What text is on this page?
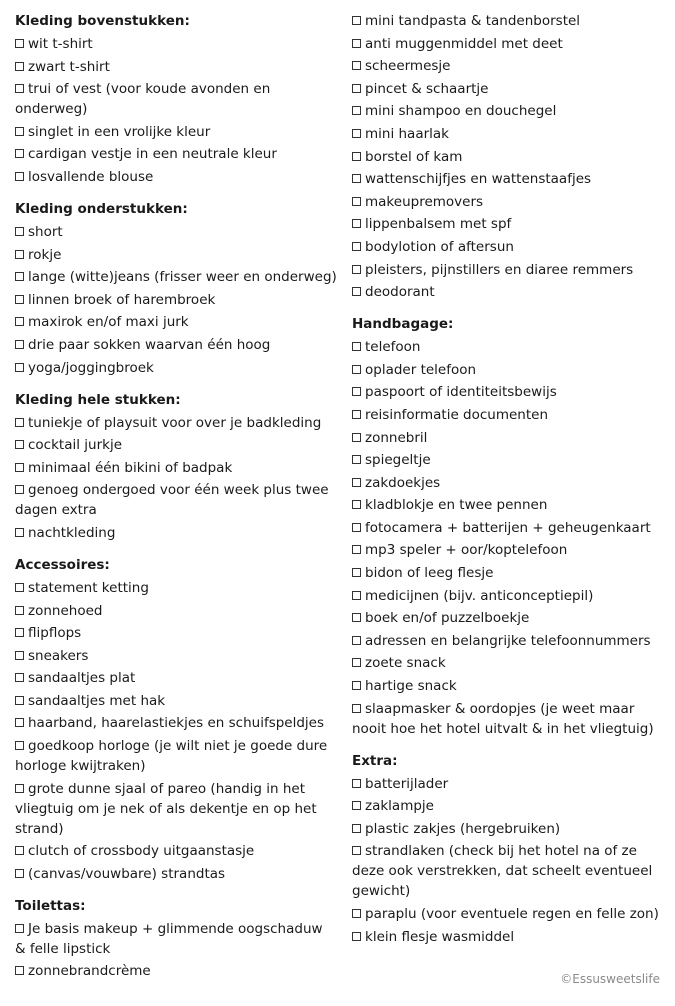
Kleding bovenstukken:
wit t-shirt
zwart t-shirt
trui of vest (voor koude avonden en onderweg)
singlet in een vrolijke kleur
cardigan vestje in een neutrale kleur
losvallende blouse
Kleding onderstukken:
short
rokje
lange (witte)jeans (frisser weer en onderweg)
linnen broek of harembroek
maxirok en/of maxi jurk
drie paar sokken waarvan één hoog
yoga/joggingbroek
Kleding hele stukken:
tuniekje of playsuit voor over je badkleding
cocktail jurkje
minimaal één bikini of badpak
genoeg ondergoed voor één week plus twee dagen extra
nachtkleding
Accessoires:
statement ketting
zonnehoed
flipflops
sneakers
sandaaltjes plat
sandaaltjes met hak
haarband, haarelastiekjes en schuifspeldjes
goedkoop horloge (je wilt niet je goede dure horloge kwijtraken)
grote dunne sjaal of pareo (handig in het vliegtuig om je nek of als dekentje en op het strand)
clutch of crossbody uitgaanstasje
(canvas/vouwbare) strandtas
Toilettas:
Je basis makeup + glimmende oogschaduw & felle lipstick
zonnebrandcrème
mini tandpasta & tandenborstel
anti muggenmiddel met deet
scheermesje
pincet & schaartje
mini shampoo en douchegel
mini haarlak
borstel of kam
wattenschijfjes en wattenstaafjes
makeupremovers
lippenbalsem met spf
bodylotion of aftersun
pleisters, pijnstillers en diaree remmers
deodorant
Handbagage:
telefoon
oplader telefoon
paspoort of identiteitsbewijs
reisinformatie documenten
zonnebril
spiegeltje
zakdoekjes
kladblokje en twee pennen
fotocamera + batterijen + geheugenkaart
mp3 speler + oor/koptelefoon
bidon of leeg flesje
medicijnen (bijv. anticonceptiepil)
boek en/of puzzelboekje
adressen en belangrijke telefoonnummers
zoete snack
hartige snack
slaapmasker & oordopjes (je weet maar nooit hoe het hotel uitvalt & in het vliegtuig)
Extra:
batterijlader
zaklampje
plastic zakjes (hergebruiken)
strandlaken (check bij het hotel na of ze deze ook verstrekken, dat scheelt eventueel gewicht)
paraplu (voor eventuele regen en felle zon)
klein flesje wasmiddel
©Essusweetslife
